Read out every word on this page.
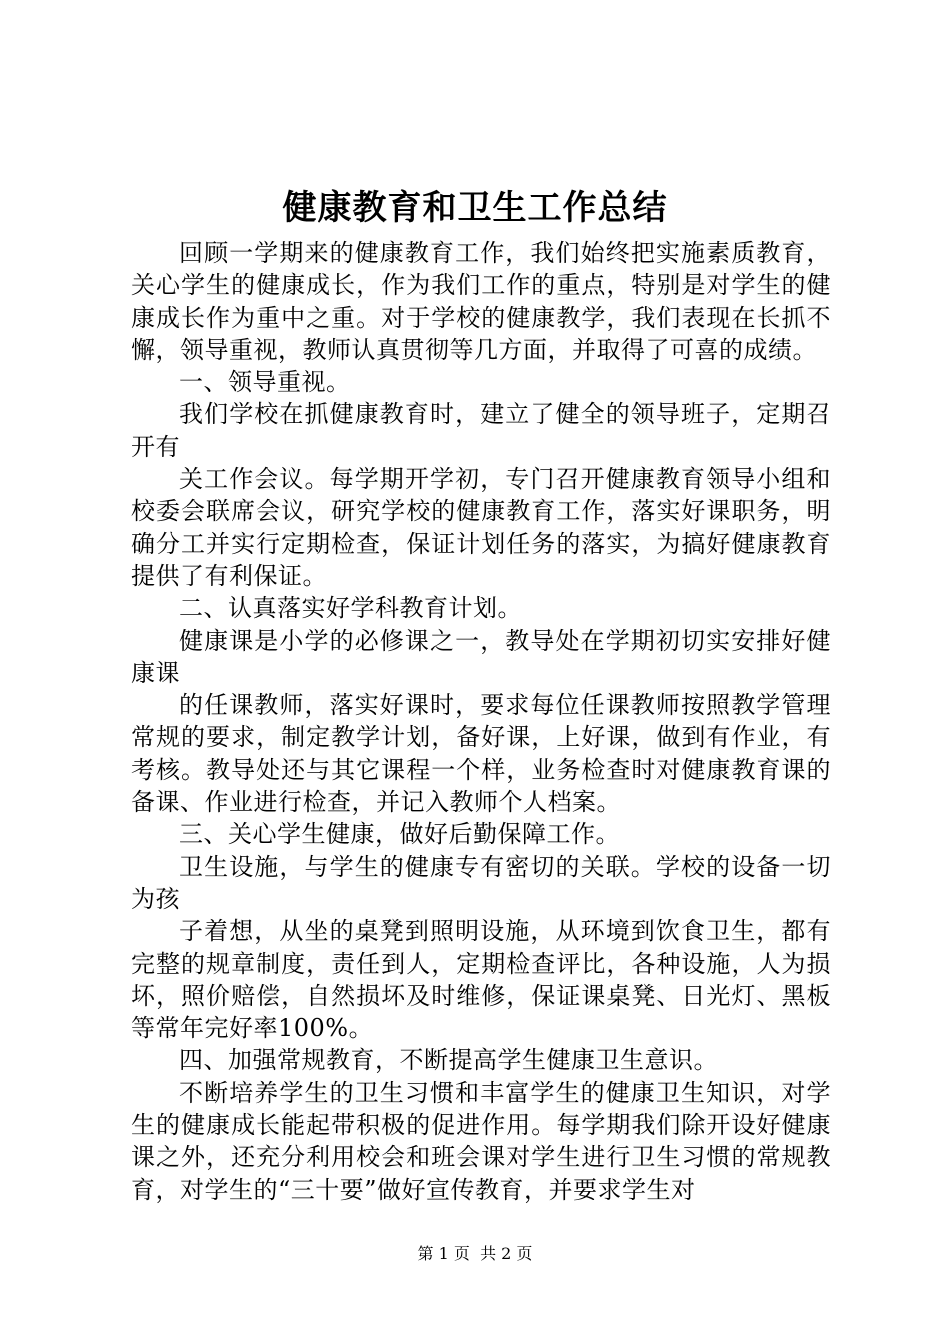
健康教育和卫生工作总结

回顾一学期来的健康教育工作，我们始终把实施素质教育，关心学生的健康成长，作为我们工作的重点，特别是对学生的健康成长作为重中之重。对于学校的健康教学，我们表现在长抓不懈，领导重视，教师认真贯彻等几方面，并取得了可喜的成绩。

一、领导重视。

我们学校在抓健康教育时，建立了健全的领导班子，定期召开有

关工作会议。每学期开学初，专门召开健康教育领导小组和校委会联席会议，研究学校的健康教育工作，落实好课职务，明确分工并实行定期检查，保证计划任务的落实，为搞好健康教育提供了有利保证。

二、认真落实好学科教育计划。

健康课是小学的必修课之一，教导处在学期初切实安排好健康课

的任课教师，落实好课时，要求每位任课教师按照教学管理常规的要求，制定教学计划，备好课，上好课，做到有作业，有考核。教导处还与其它课程一个样，业务检查时对健康教育课的备课、作业进行检查，并记入教师个人档案。

三、关心学生健康，做好后勤保障工作。

卫生设施，与学生的健康专有密切的关联。学校的设备一切为孩

子着想，从坐的桌凳到照明设施，从环境到饮食卫生，都有完整的规章制度，责任到人，定期检查评比，各种设施，人为损坏，照价赔偿，自然损坏及时维修，保证课桌凳、日光灯、黑板等常年完好率100%。

四、加强常规教育，不断提高学生健康卫生意识。

不断培养学生的卫生习惯和丰富学生的健康卫生知识，对学生的健康成长能起带积极的促进作用。每学期我们除开设好健康课之外，还充分利用校会和班会课对学生进行卫生习惯的常规教育，对学生的“三十要”做好宣传教育，并要求学生对

第 1 页  共 2 页
